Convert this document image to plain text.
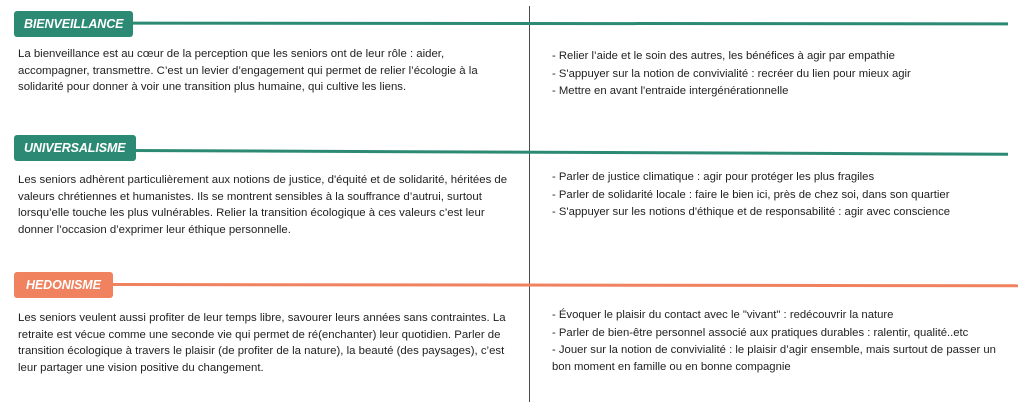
BIENVEILLANCE

La bienveillance est au cœur de la perception que les seniors ont de leur rôle : aider, accompagner, transmettre. C’est un levier d’engagement qui permet de relier l’écologie à la solidarité pour donner à voir une transition plus humaine, qui cultive les liens.

- Relier l’aide et le soin des autres, les bénéfices à agir par empathie
- S'appuyer sur la notion de convivialité : recréer du lien pour mieux agir
- Mettre en avant l'entraide intergénérationnelle
UNIVERSALISME

Les seniors adhèrent particulièrement aux notions de justice, d'équité et de solidarité, héritées de valeurs chrétiennes et humanistes. Ils se montrent sensibles à la souffrance d’autrui, surtout lorsqu’elle touche les plus vulnérables. Relier la transition écologique à ces valeurs c’est leur donner l’occasion d’exprimer leur éthique personnelle.

- Parler de justice climatique : agir pour protéger les plus fragiles
- Parler de solidarité locale : faire le bien ici, près de chez soi, dans son quartier
- S'appuyer sur les notions d'éthique et de responsabilité : agir avec conscience
HEDONISME

Les seniors veulent aussi profiter de leur temps libre, savourer leurs années sans contraintes. La retraite est vécue comme une seconde vie qui permet de ré(enchanter) leur quotidien. Parler de transition écologique à travers le plaisir (de profiter de la nature), la beauté (des paysages), c’est leur partager une vision positive du changement.

- Évoquer le plaisir du contact avec le "vivant" : redécouvrir la nature
- Parler de bien-être personnel associé aux pratiques durables : ralentir, qualité..etc
- Jouer sur la notion de convivialité : le plaisir d’agir ensemble, mais surtout de passer un bon moment en famille ou en bonne compagnie
